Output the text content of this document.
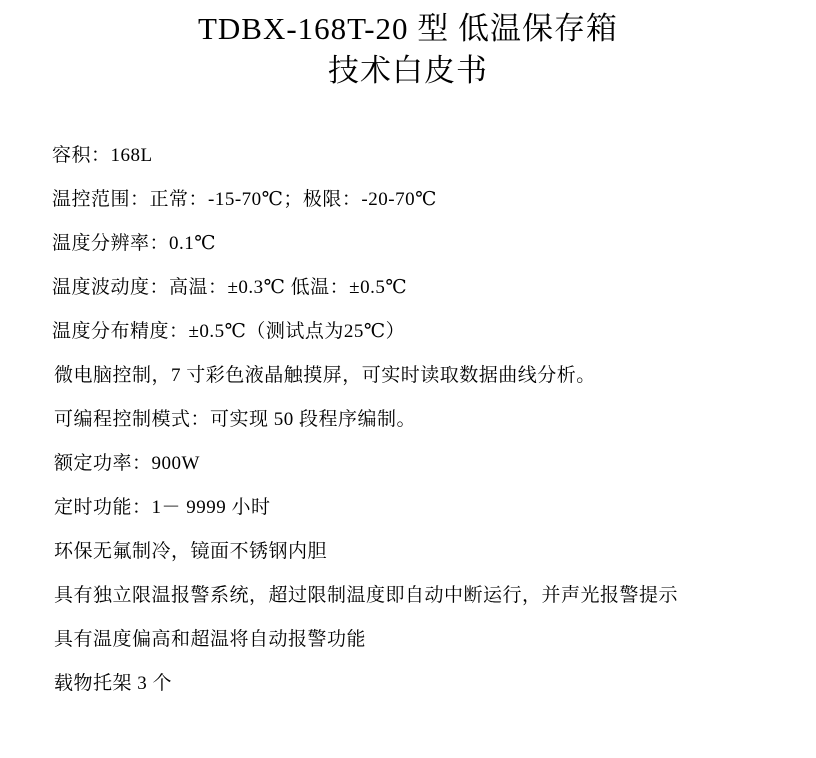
TDBX-168T-20 型 低温保存箱
技术白皮书
容积：168L
温控范围：正常：-15-70℃；极限：-20-70℃
温度分辨率：0.1℃
温度波动度：高温：±0.3℃ 低温：±0.5℃
温度分布精度：±0.5℃（测试点为25℃）
微电脑控制，7 寸彩色液晶触摸屏，可实时读取数据曲线分析。
可编程控制模式：可实现 50 段程序编制。
额定功率：900W
定时功能：1－ 9999 小时
环保无氟制冷，镜面不锈钢内胆
具有独立限温报警系统，超过限制温度即自动中断运行，并声光报警提示
具有温度偏高和超温将自动报警功能
载物托架 3 个
